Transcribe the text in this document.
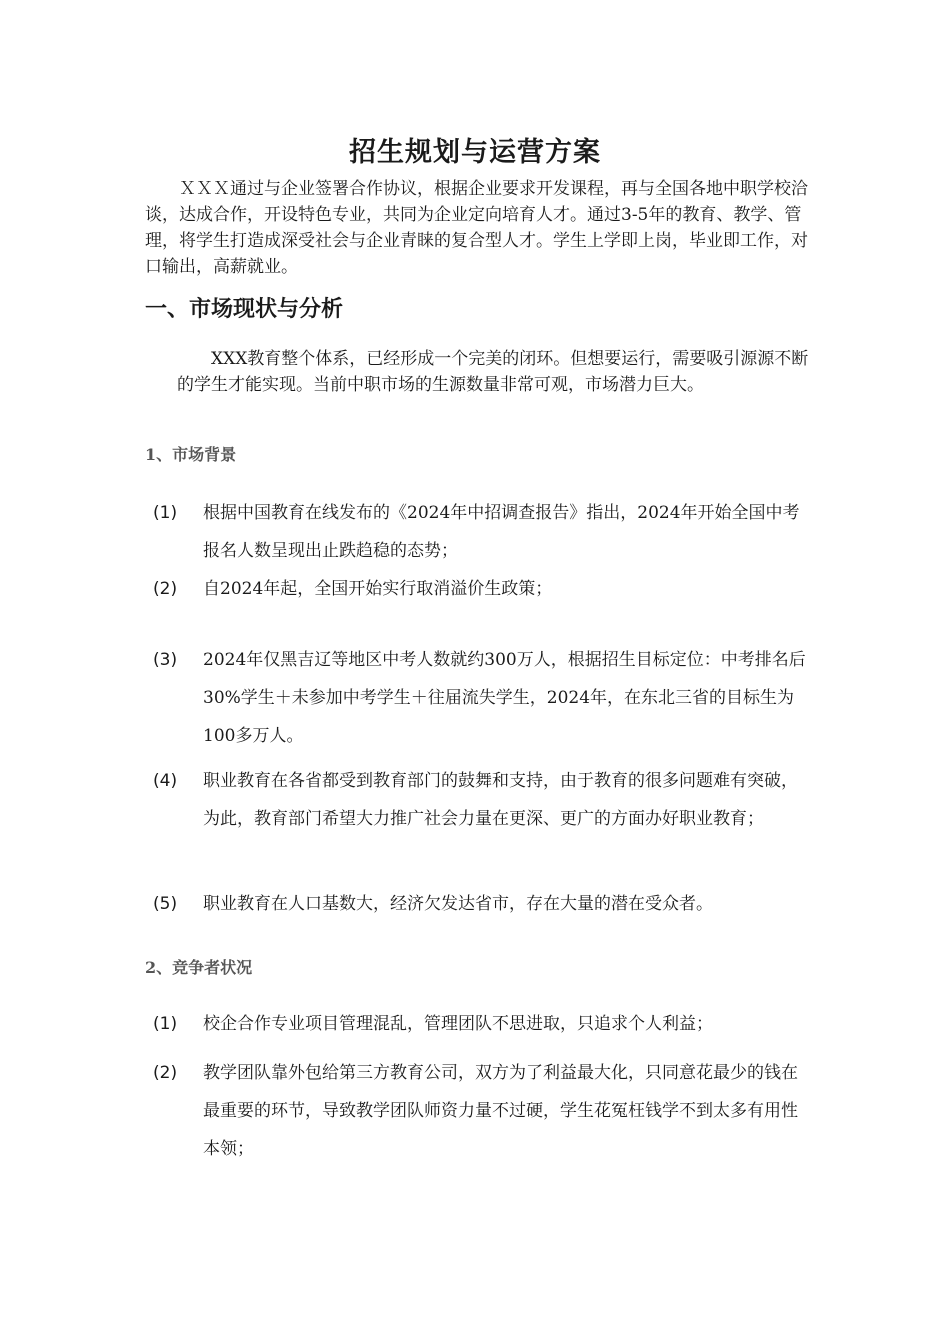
招生规划与运营方案

ＸＸＸ通过与企业签署合作协议，根据企业要求开发课程，再与全国各地中职学校洽谈，达成合作，开设特色专业，共同为企业定向培育人才。通过3-5年的教育、教学、管理，将学生打造成深受社会与企业青睐的复合型人才。学生上学即上岗，毕业即工作，对口输出，高薪就业。

一、市场现状与分析

XXX教育整个体系，已经形成一个完美的闭环。但想要运行，需要吸引源源不断的学生才能实现。当前中职市场的生源数量非常可观，市场潜力巨大。

1、市场背景
(1) 根据中国教育在线发布的《2024年中招调查报告》指出，2024年开始全国中考报名人数呈现出止跌趋稳的态势；
(2) 自2024年起，全国开始实行取消溢价生政策；
(3) 2024年仅黑吉辽等地区中考人数就约300万人，根据招生目标定位：中考排名后30%学生＋未参加中考学生＋往届流失学生，2024年，在东北三省的目标生为100多万人。
(4) 职业教育在各省都受到教育部门的鼓舞和支持，由于教育的很多问题难有突破，为此，教育部门希望大力推广社会力量在更深、更广的方面办好职业教育；
(5) 职业教育在人口基数大，经济欠发达省市，存在大量的潜在受众者。
2、竞争者状况
(1) 校企合作专业项目管理混乱，管理团队不思进取，只追求个人利益；
(2) 教学团队靠外包给第三方教育公司，双方为了利益最大化，只同意花最少的钱在最重要的环节，导致教学团队师资力量不过硬，学生花冤枉钱学不到太多有用性本领；
